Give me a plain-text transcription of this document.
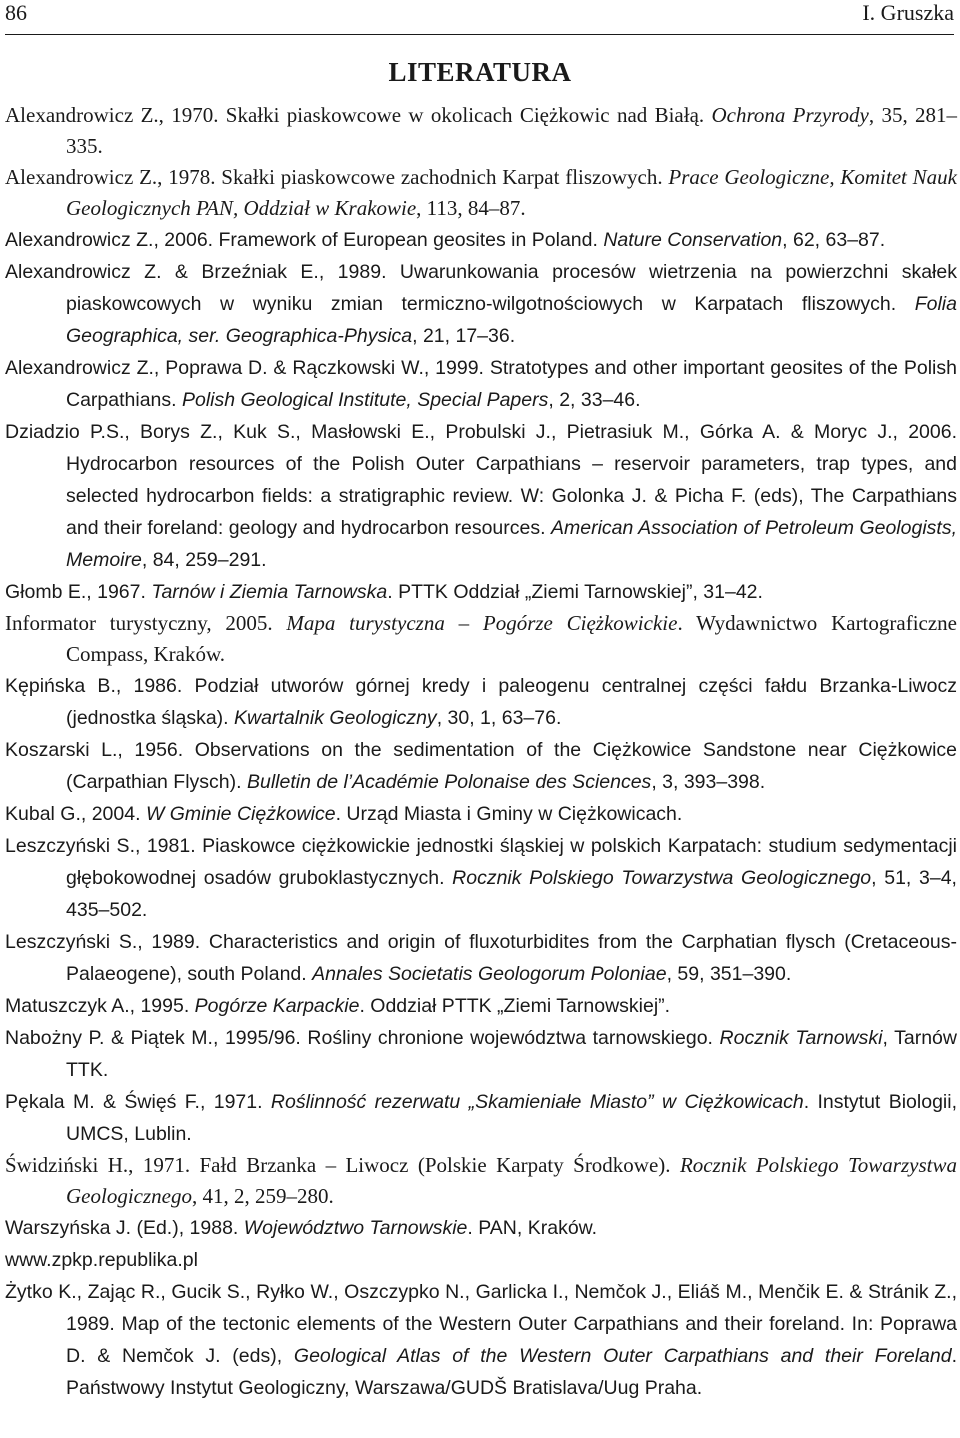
86	I. Gruszka
LITERATURA
Alexandrowicz Z., 1970. Skałki piaskowcowe w okolicach Ciężkowic nad Białą. Ochrona Przyrody, 35, 281–335.
Alexandrowicz Z., 1978. Skałki piaskowcowe zachodnich Karpat fliszowych. Prace Geologiczne, Komitet Nauk Geologicznych PAN, Oddział w Krakowie, 113, 84–87.
Alexandrowicz Z., 2006. Framework of European geosites in Poland. Nature Conservation, 62, 63–87.
Alexandrowicz Z. & Brzeźniak E., 1989. Uwarunkowania procesów wietrzenia na powierzchni skałek piaskowcowych w wyniku zmian termiczno-wilgotnościowych w Karpatach fliszowych. Folia Geographica, ser. Geographica-Physica, 21, 17–36.
Alexandrowicz Z., Poprawa D. & Rączkowski W., 1999. Stratotypes and other important geosites of the Polish Carpathians. Polish Geological Institute, Special Papers, 2, 33–46.
Dziadzio P.S., Borys Z., Kuk S., Masłowski E., Probulski J., Pietrasiuk M., Górka A. & Moryc J., 2006. Hydrocarbon resources of the Polish Outer Carpathians – reservoir parameters, trap types, and selected hydrocarbon fields: a stratigraphic review. W: Golonka J. & Picha F. (eds), The Carpathians and their foreland: geology and hydrocarbon resources. American Association of Petroleum Geologists, Memoire, 84, 259–291.
Głomb E., 1967. Tarnów i Ziemia Tarnowska. PTTK Oddział „Ziemi Tarnowskiej”, 31–42.
Informator turystyczny, 2005. Mapa turystyczna – Pogórze Ciężkowickie. Wydawnictwo Kartograficzne Compass, Kraków.
Kępińska B., 1986. Podział utworów górnej kredy i paleogenu centralnej części fałdu Brzanka-Liwocz (jednostka śląska). Kwartalnik Geologiczny, 30, 1, 63–76.
Koszarski L., 1956. Observations on the sedimentation of the Ciężkowice Sandstone near Ciężkowice (Carpathian Flysch). Bulletin de l’Académie Polonaise des Sciences, 3, 393–398.
Kubal G., 2004. W Gminie Ciężkowice. Urząd Miasta i Gminy w Ciężkowicach.
Leszczyński S., 1981. Piaskowce ciężkowickie jednostki śląskiej w polskich Karpatach: studium sedymentacji głębokowodnej osadów gruboklastycznych. Rocznik Polskiego Towarzystwa Geologicznego, 51, 3–4, 435–502.
Leszczyński S., 1989. Characteristics and origin of fluxoturbidites from the Carphatian flysch (Cretaceous-Palaeogene), south Poland. Annales Societatis Geologorum Poloniae, 59, 351–390.
Matuszczyk A., 1995. Pogórze Karpackie. Oddział PTTK „Ziemi Tarnowskiej”.
Nabożny P. & Piątek M., 1995/96. Rośliny chronione województwa tarnowskiego. Rocznik Tarnowski, Tarnów TTK.
Pękala M. & Święś F., 1971. Roślinność rezerwatu „Skamieniałe Miasto” w Ciężkowicach. Instytut Biologii, UMCS, Lublin.
Świdziński H., 1971. Fałd Brzanka – Liwocz (Polskie Karpaty Środkowe). Rocznik Polskiego Towarzystwa Geologicznego, 41, 2, 259–280.
Warszyńska J. (Ed.), 1988. Województwo Tarnowskie. PAN, Kraków.
www.zpkp.republika.pl
Żytko K., Zając R., Gucik S., Ryłko W., Oszczypko N., Garlicka I., Nemčok J., Eliáš M., Menčik E. & Stránik Z., 1989. Map of the tectonic elements of the Western Outer Carpathians and their foreland. In: Poprawa D. & Nemčok J. (eds), Geological Atlas of the Western Outer Carpathians and their Foreland. Państwowy Instytut Geologiczny, Warszawa/GUDŠ Bratislava/Uug Praha.
